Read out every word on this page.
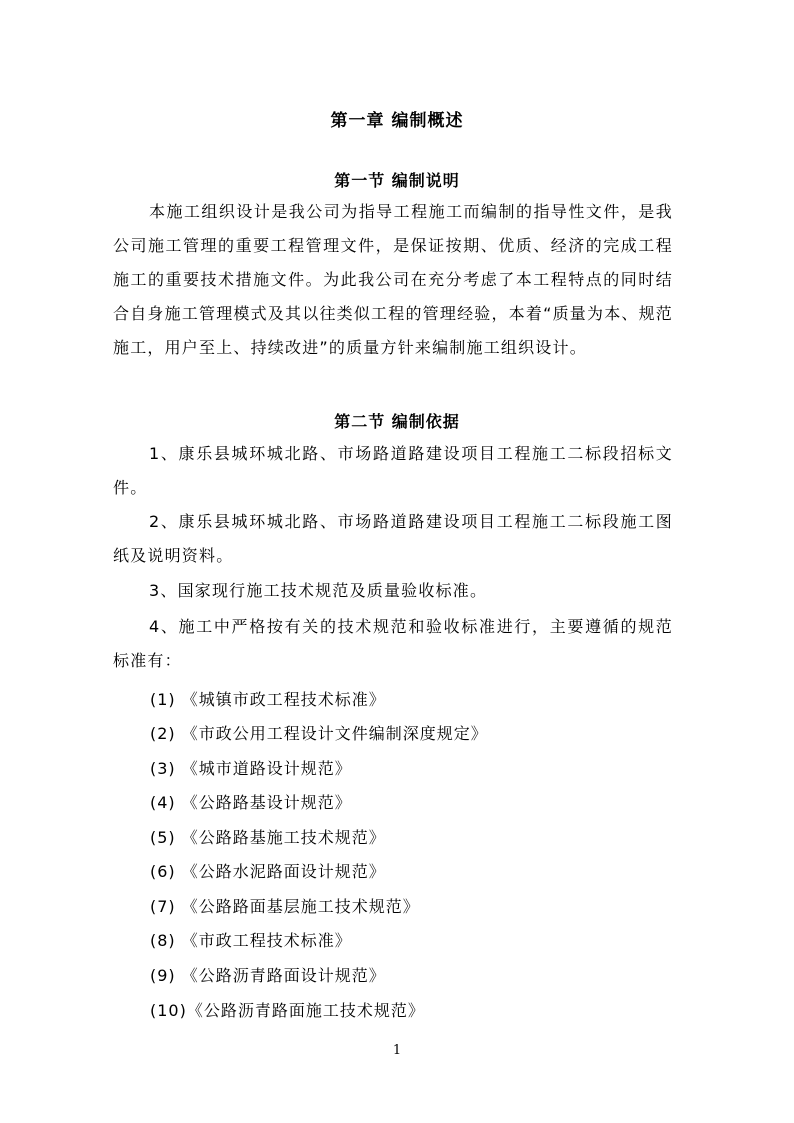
第一章 编制概述
第一节 编制说明
本施工组织设计是我公司为指导工程施工而编制的指导性文件，是我公司施工管理的重要工程管理文件，是保证按期、优质、经济的完成工程施工的重要技术措施文件。为此我公司在充分考虑了本工程特点的同时结合自身施工管理模式及其以往类似工程的管理经验，本着“质量为本、规范施工，用户至上、持续改进”的质量方针来编制施工组织设计。
第二节 编制依据
1、康乐县城环城北路、市场路道路建设项目工程施工二标段招标文件。
2、康乐县城环城北路、市场路道路建设项目工程施工二标段施工图纸及说明资料。
3、国家现行施工技术规范及质量验收标准。
4、施工中严格按有关的技术规范和验收标准进行，主要遵循的规范标准有：
(1) 《城镇市政工程技术标准》
(2) 《市政公用工程设计文件编制深度规定》
(3) 《城市道路设计规范》
(4) 《公路路基设计规范》
(5) 《公路路基施工技术规范》
(6) 《公路水泥路面设计规范》
(7) 《公路路面基层施工技术规范》
(8) 《市政工程技术标准》
(9) 《公路沥青路面设计规范》
(10)《公路沥青路面施工技术规范》
1
